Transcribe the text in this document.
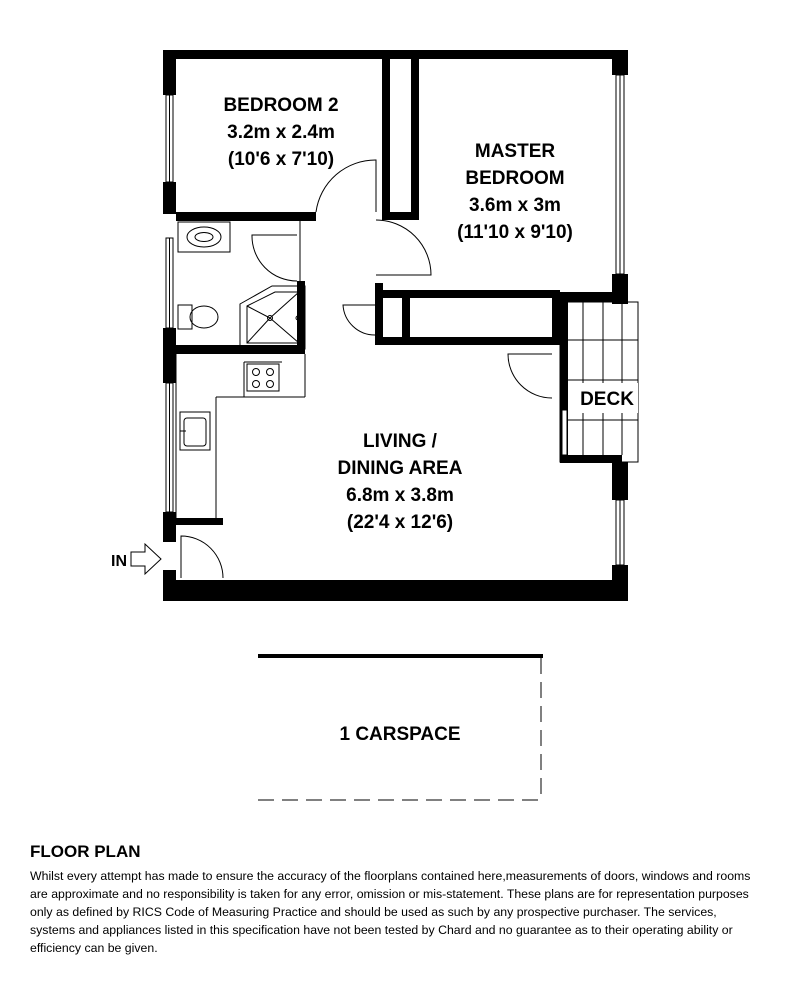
BEDROOM 2
3.2m x 2.4m
(10'6 x 7'10)	MASTER
BEDROOM
3.6m x 3m
(11'10 x 9'10)
LIVING /
DINING AREA
6.8m x 3.8m
(22'4 x 12'6)
DECK
1 CARSPACE
IN
FLOOR PLAN

Whilst every attempt has made to ensure the accuracy of the floorplans contained here,measurements of doors, windows and rooms are approximate and no responsibility is taken for any error, omission or mis-statement. These plans are for representation purposes only as defined by RICS Code of Measuring Practice and should be used as such by any prospective purchaser. The services, systems and appliances listed in this specification have not been tested by Chard and no guarantee as to their operating ability or efficiency can be given.
